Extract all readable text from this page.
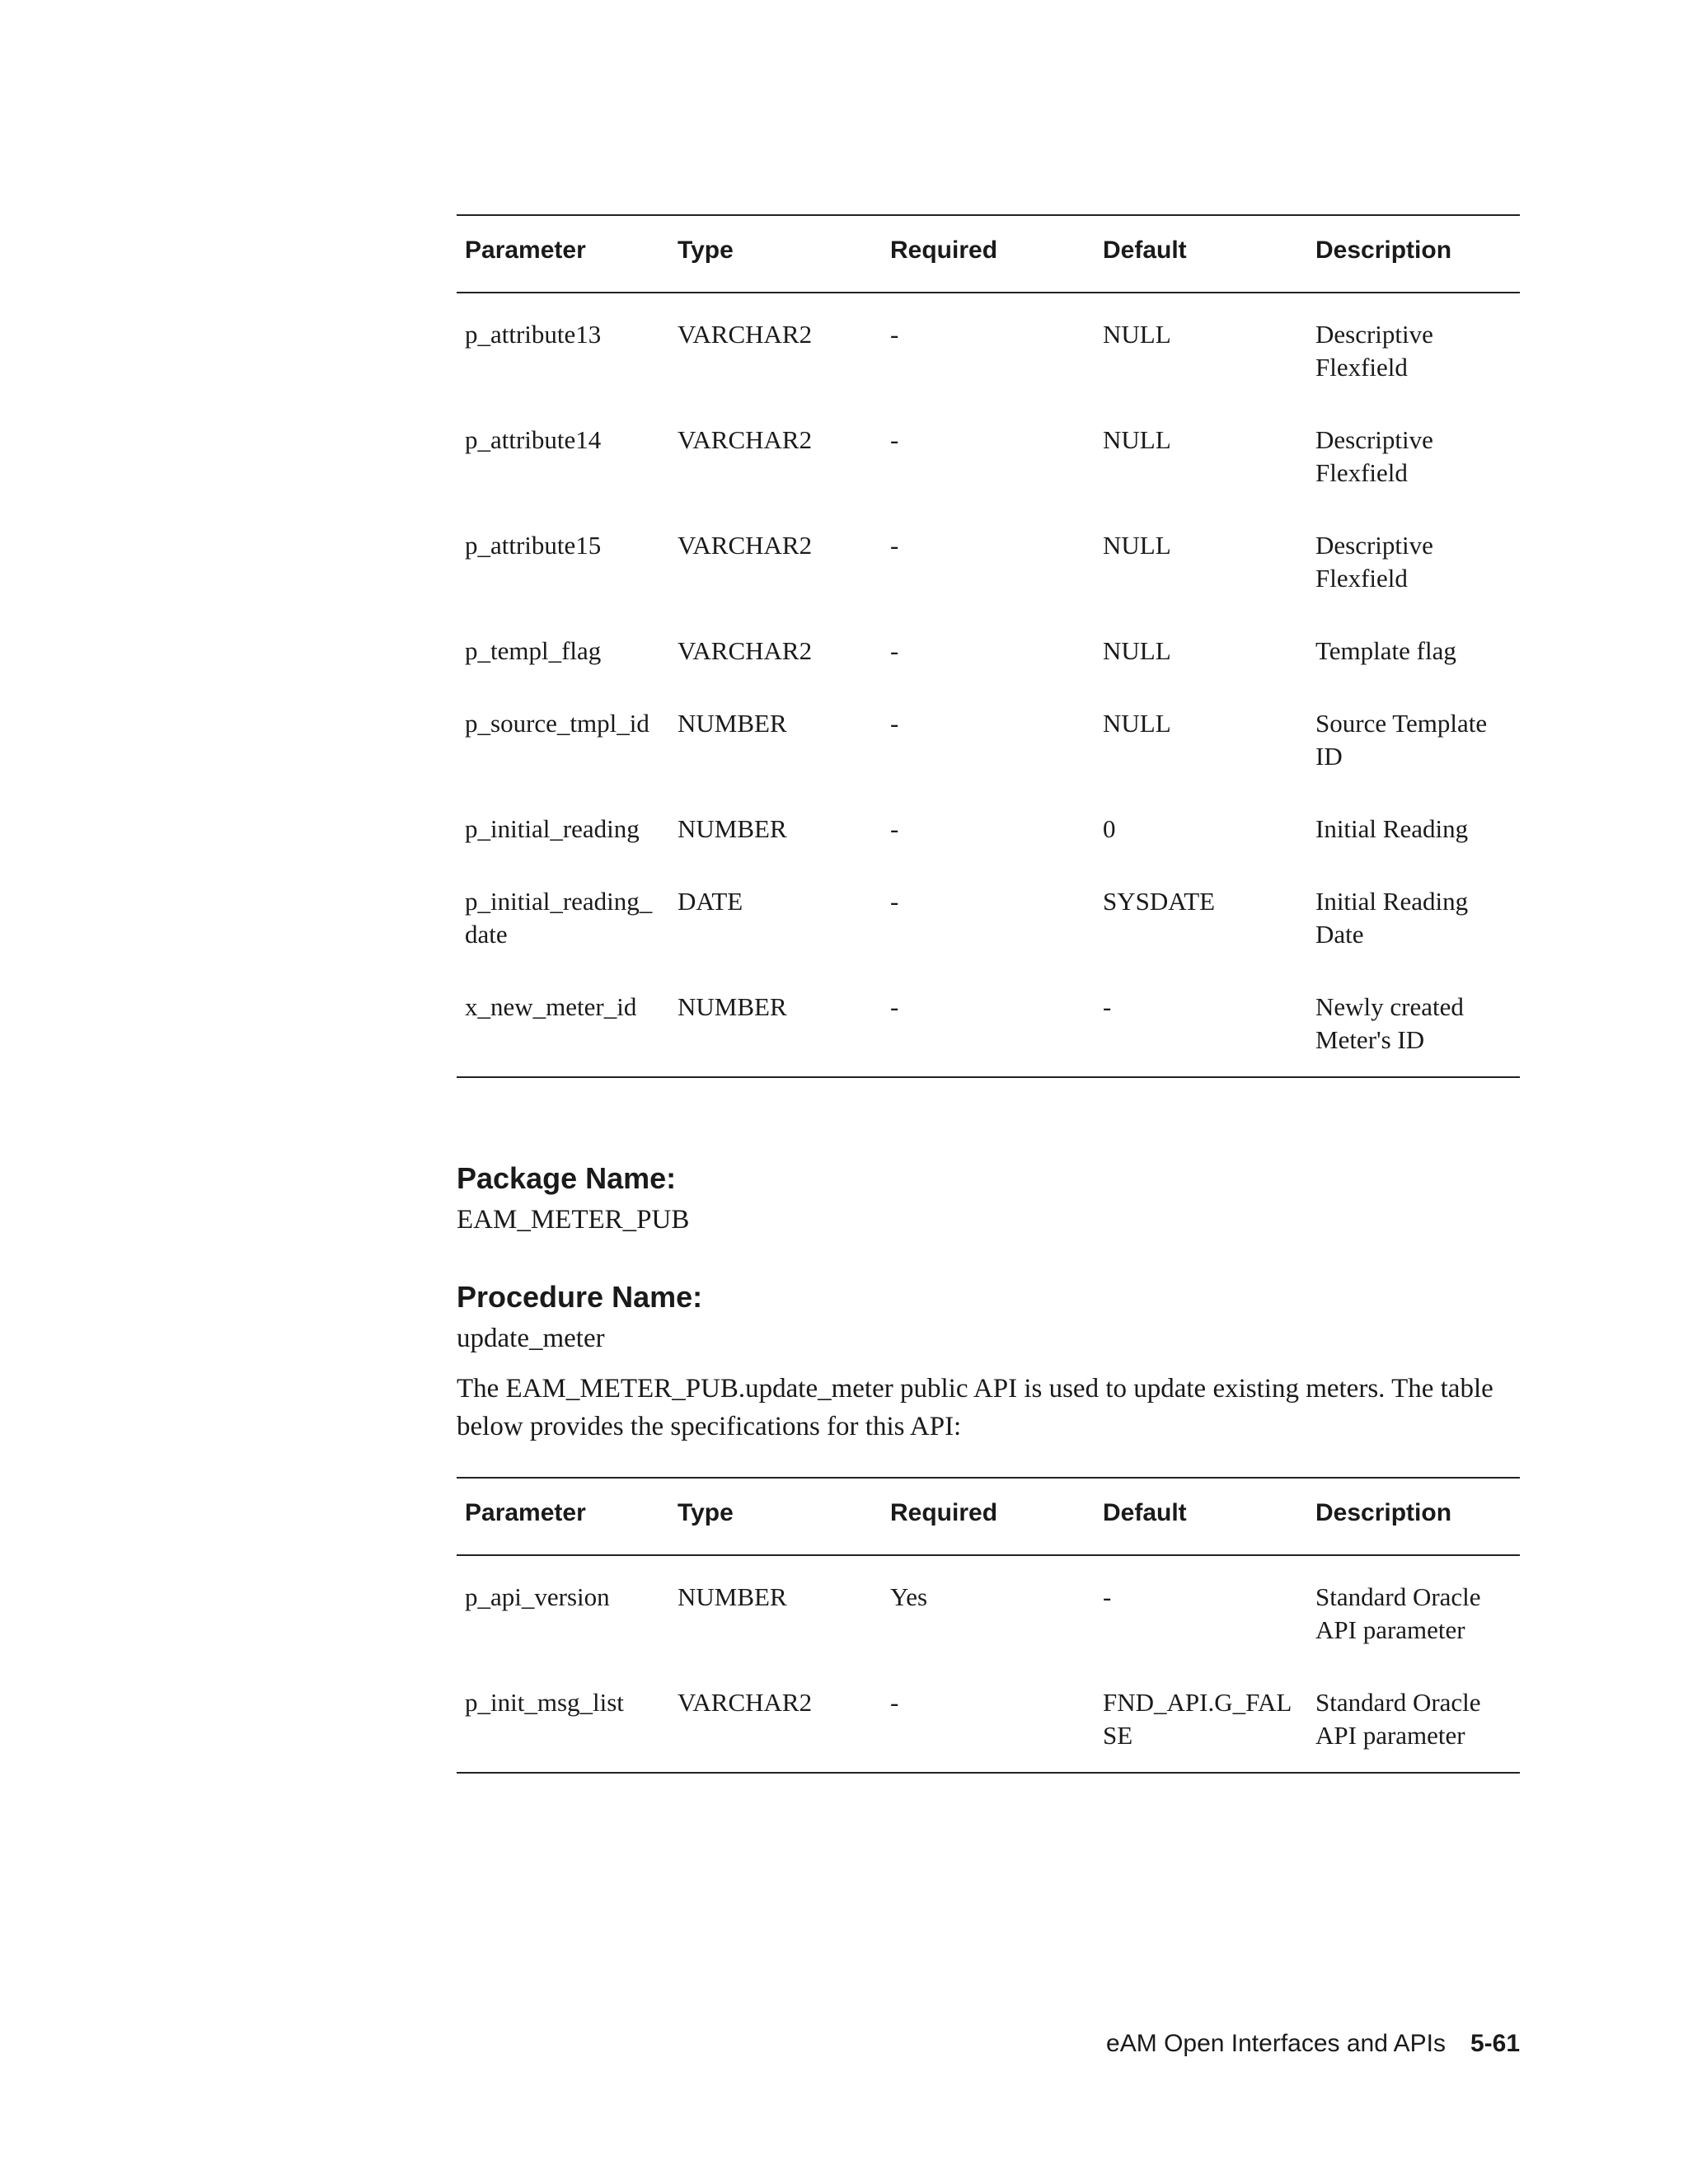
Parameter	Type	Required	Default	Description
p_attribute13	VARCHAR2	-	NULL	Descriptive Flexfield
p_attribute14	VARCHAR2	-	NULL	Descriptive Flexfield
p_attribute15	VARCHAR2	-	NULL	Descriptive Flexfield
p_templ_flag	VARCHAR2	-	NULL	Template flag
p_source_tmpl_id	NUMBER	-	NULL	Source Template ID
p_initial_reading	NUMBER	-	0	Initial Reading
p_initial_reading_date	DATE	-	SYSDATE	Initial Reading Date
x_new_meter_id	NUMBER	-	-	Newly created Meter's ID
Package Name:

EAM_METER_PUB

Procedure Name:

update_meter

The EAM_METER_PUB.update_meter public API is used to update existing meters. The table below provides the specifications for this API:

Parameter	Type	Required	Default	Description
p_api_version	NUMBER	Yes	-	Standard Oracle API parameter
p_init_msg_list	VARCHAR2	-	FND_API.G_FALSE	Standard Oracle API parameter
eAM Open Interfaces and APIs 5-61
